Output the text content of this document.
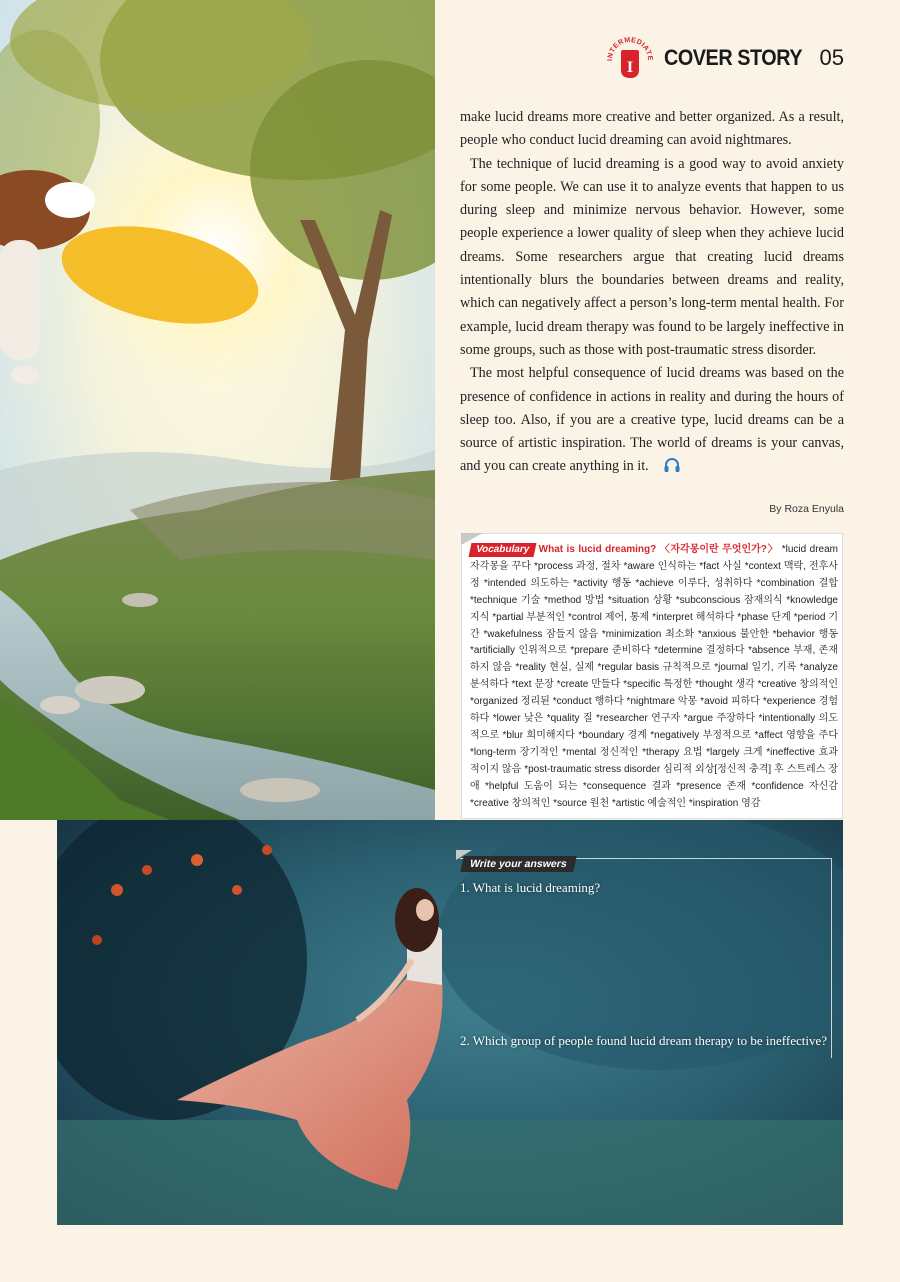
INTERMEDIATE
I COVER STORY 05

make lucid dreams more creative and better organized. As a result, people who conduct lucid dreaming can avoid nightmares.

The technique of lucid dreaming is a good way to avoid anxiety for some people. We can use it to analyze events that happen to us during sleep and minimize nervous behavior. However, some people experience a lower quality of sleep when they achieve lucid dreams. Some researchers argue that creating lucid dreams intentionally blurs the boundaries between dreams and reality, which can negatively affect a person’s long-term mental health. For example, lucid dream therapy was found to be largely ineffective in some groups, such as those with post-traumatic stress disorder.

The most helpful consequence of lucid dreams was based on the presence of confidence in actions in reality and during the hours of sleep too. Also, if you are a creative type, lucid dreams can be a source of artistic inspiration. The world of dreams is your canvas, and you can create anything in it.

By Roza Enyula
Vocabulary What is lucid dreaming? 〈자각몽이란 무엇인가?〉 *lucid dream 자각몽을 꾸다 *process 과정, 절차 *aware 인식하는 *fact 사실 *context 맥락, 전후사정 *intended 의도하는 *activity 행동 *achieve 이루다, 성취하다 *combination 결합 *technique 기술 *method 방법 *situation 상황 *subconscious 잠재의식 *knowledge 지식 *partial 부분적인 *control 제어, 통제 *interpret 해석하다 *phase 단계 *period 기간 *wakefulness 잠들지 않음 *minimization 최소화 *anxious 불안한 *behavior 행동 *artificially 인위적으로 *prepare 준비하다 *determine 결정하다 *absence 부재, 존재하지 않음 *reality 현실, 실제 *regular basis 규칙적으로 *journal 일기, 기록 *analyze 분석하다 *text 문장 *create 만들다 *specific 특정한 *thought 생각 *creative 창의적인 *organized 정리된 *conduct 행하다 *nightmare 악몽 *avoid 피하다 *experience 경험하다 *lower 낮은 *quality 질 *researcher 연구자 *argue 주장하다 *intentionally 의도적으로 *blur 희미해지다 *boundary 경계 *negatively 부정적으로 *affect 영향을 주다 *long-term 장기적인 *mental 정신적인 *therapy 요법 *largely 크게 *ineffective 효과적이지 않음 *post-traumatic stress disorder 심리적 외상[정신적 충격] 후 스트레스 장애 *helpful 도움이 되는 *consequence 결과 *presence 존재 *confidence 자신감 *creative 창의적인 *source 원천 *artistic 예술적인 *inspiration 영감
Write your answers
1. What is lucid dreaming?
2. Which group of people found lucid dream therapy to be ineffective?
